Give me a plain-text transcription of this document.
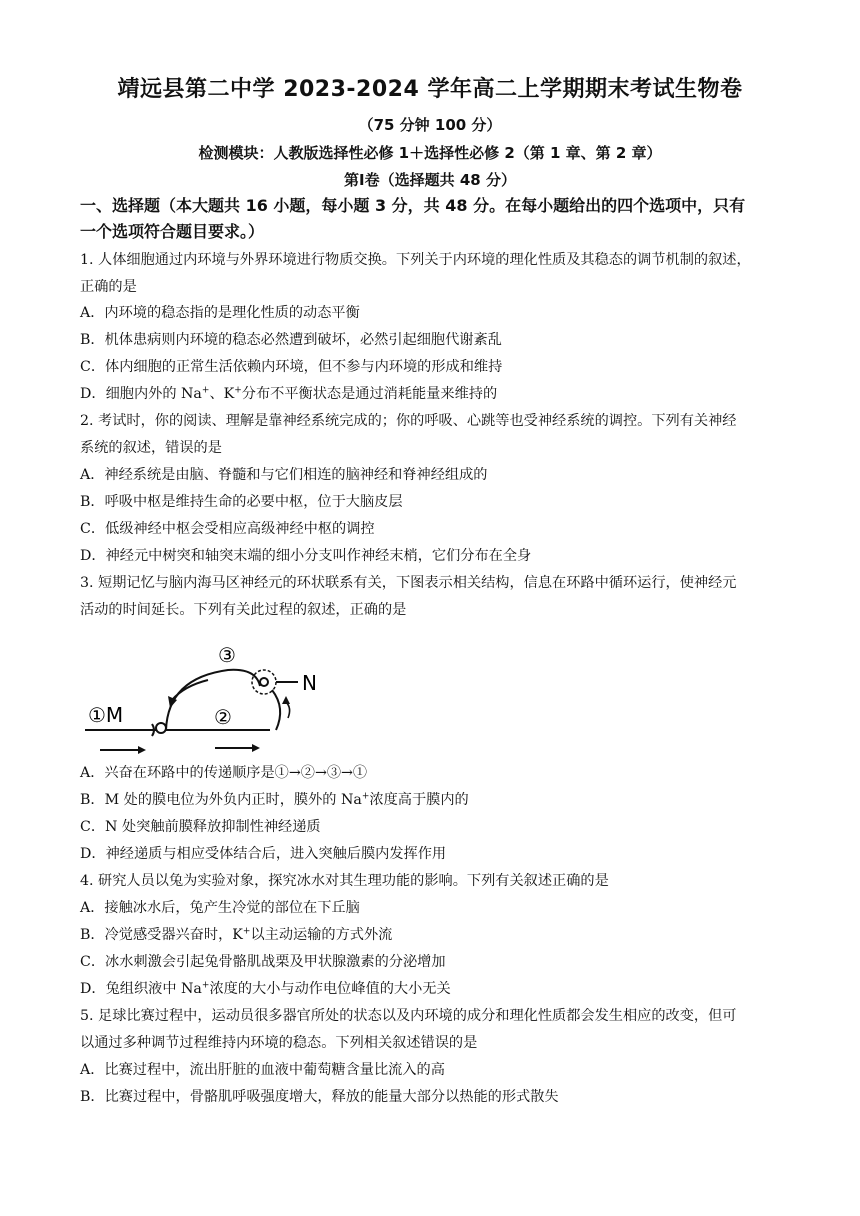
靖远县第二中学 2023-2024 学年高二上学期期末考试生物卷
（75 分钟 100 分）
检测模块：人教版选择性必修 1＋选择性必修 2（第 1 章、第 2 章）
第Ⅰ卷（选择题共 48 分）
一、选择题（本大题共 16 小题，每小题 3 分，共 48 分。在每小题给出的四个选项中，只有
一个选项符合题目要求。）
1. 人体细胞通过内环境与外界环境进行物质交换。下列关于内环境的理化性质及其稳态的调节机制的叙述，
正确的是
A．内环境的稳态指的是理化性质的动态平衡
B．机体患病则内环境的稳态必然遭到破坏，必然引起细胞代谢紊乱
C．体内细胞的正常生活依赖内环境，但不参与内环境的形成和维持
D．细胞内外的 Na+、K+分布不平衡状态是通过消耗能量来维持的
2. 考试时，你的阅读、理解是靠神经系统完成的；你的呼吸、心跳等也受神经系统的调控。下列有关神经
系统的叙述，错误的是
A．神经系统是由脑、脊髓和与它们相连的脑神经和脊神经组成的
B．呼吸中枢是维持生命的必要中枢，位于大脑皮层
C．低级神经中枢会受相应高级神经中枢的调控
D．神经元中树突和轴突末端的细小分支叫作神经末梢，它们分布在全身
3. 短期记忆与脑内海马区神经元的环状联系有关，下图表示相关结构，信息在环路中循环运行，使神经元
活动的时间延长。下列有关此过程的叙述，正确的是
①M	②
③
N
A．兴奋在环路中的传递顺序是①→②→③→①
B．M 处的膜电位为外负内正时，膜外的 Na+浓度高于膜内的
C．N 处突触前膜释放抑制性神经递质
D．神经递质与相应受体结合后，进入突触后膜内发挥作用
4. 研究人员以兔为实验对象，探究冰水对其生理功能的影响。下列有关叙述正确的是
A．接触冰水后，兔产生冷觉的部位在下丘脑
B．冷觉感受器兴奋时，K+以主动运输的方式外流
C．冰水刺激会引起兔骨骼肌战栗及甲状腺激素的分泌增加
D．兔组织液中 Na+浓度的大小与动作电位峰值的大小无关
5. 足球比赛过程中，运动员很多器官所处的状态以及内环境的成分和理化性质都会发生相应的改变，但可
以通过多种调节过程维持内环境的稳态。下列相关叙述错误的是
A．比赛过程中，流出肝脏的血液中葡萄糖含量比流入的高
B．比赛过程中，骨骼肌呼吸强度增大，释放的能量大部分以热能的形式散失
